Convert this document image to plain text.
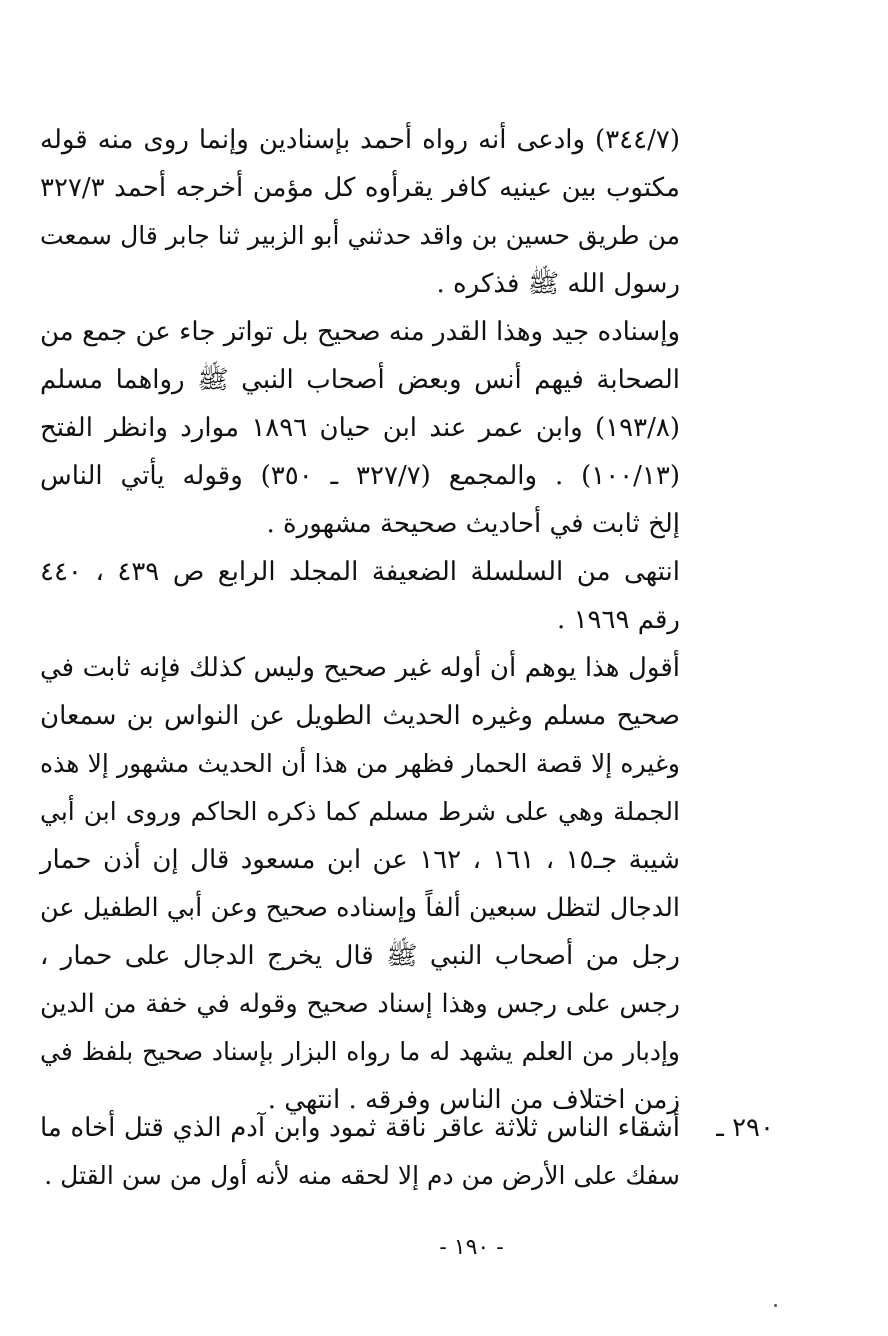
(٣٤٤/٧) وادعى أنه رواه أحمد بإسنادين وإنما روى منه قوله
مكتوب بين عينيه كافر يقرأوه كل مؤمن أخرجه أحمد ٣٢٧/٣
من طريق حسين بن واقد حدثني أبو الزبير ثنا جابر قال سمعت
رسول الله ﷺ فذكره .
وإسناده جيد وهذا القدر منه صحيح بل تواتر جاء عن جمع من
الصحابة فيهم أنس وبعض أصحاب النبي ﷺ رواهما مسلم
(١٩٣/٨) وابن عمر عند ابن حيان ١٨٩٦ موارد وانظر الفتح
(١٠٠/١٣) . والمجمع (٣٢٧/٧ ـ ٣٥٠) وقوله يأتي الناس
إلخ ثابت في أحاديث صحيحة مشهورة .
انتهى من السلسلة الضعيفة المجلد الرابع ص ٤٣٩ ، ٤٤٠
رقم ١٩٦٩ .
أقول هذا يوهم أن أوله غير صحيح وليس كذلك فإنه ثابت في
صحيح مسلم وغيره الحديث الطويل عن النواس بن سمعان
وغيره إلا قصة الحمار فظهر من هذا أن الحديث مشهور إلا هذه
الجملة وهي على شرط مسلم كما ذكره الحاكم وروى ابن أبي
شيبة جـ١٥ ، ١٦١ ، ١٦٢ عن ابن مسعود قال إن أذن حمار
الدجال لتظل سبعين ألفاً وإسناده صحيح وعن أبي الطفيل عن
رجل من أصحاب النبي ﷺ قال يخرج الدجال على حمار ،
رجس على رجس وهذا إسناد صحيح وقوله في خفة من الدين
وإدبار من العلم يشهد له ما رواه البزار بإسناد صحيح بلفظ في
زمن اختلاف من الناس وفرقه . انتهي .
٢٩٠ ـ
أشقاء الناس ثلاثة عاقر ناقة ثمود وابن آدم الذي قتل أخاه ما
سفك على الأرض من دم إلا لحقه منه لأنه أول من سن القتل .
- ١٩٠ -
